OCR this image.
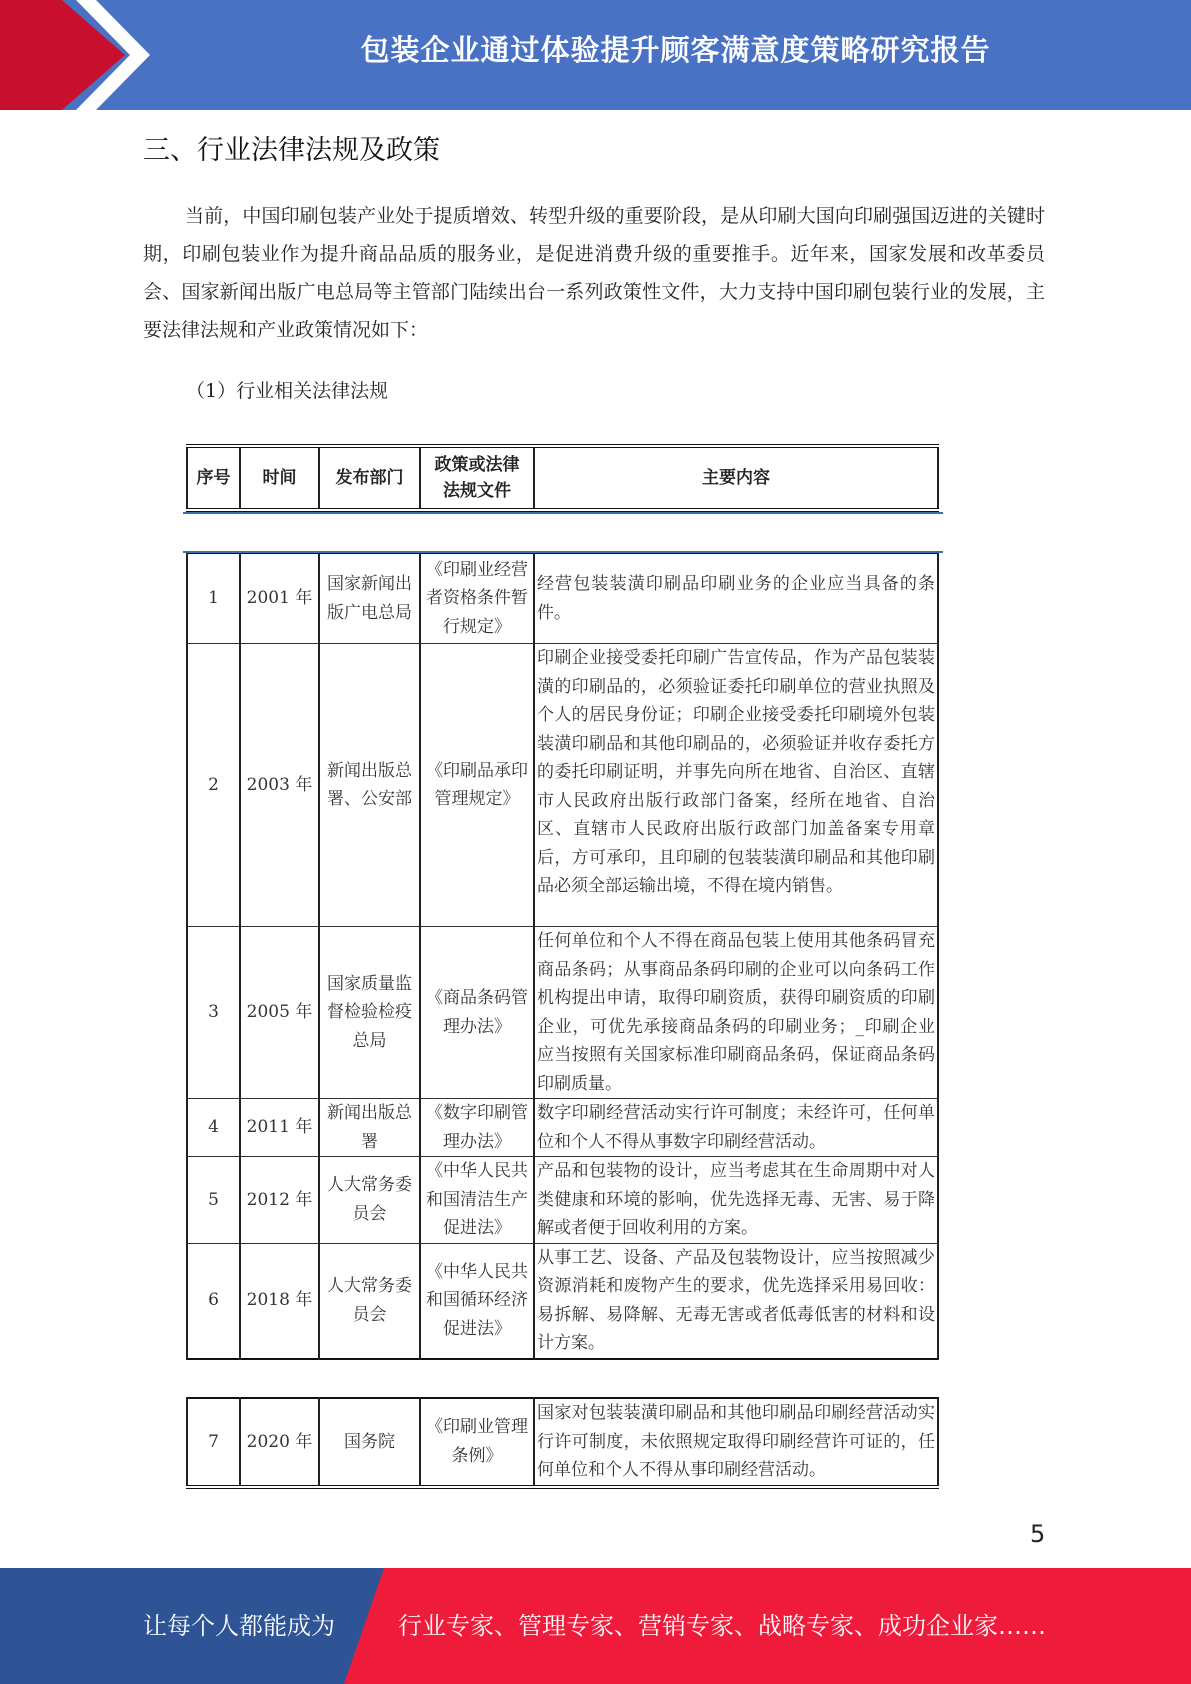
包装企业通过体验提升顾客满意度策略研究报告
三、行业法律法规及政策
当前，中国印刷包装产业处于提质增效、转型升级的重要阶段，是从印刷大国向印刷强国迈进的关键时期，印刷包装业作为提升商品品质的服务业，是促进消费升级的重要推手。近年来，国家发展和改革委员会、国家新闻出版广电总局等主管部门陆续出台一系列政策性文件，大力支持中国印刷包装行业的发展，主要法律法规和产业政策情况如下：
（1）行业相关法律法规
序号	时间	发布部门	政策或法律法规文件	主要内容
1	2001 年	国家新闻出版广电总局	《印刷业经营者资格条件暂行规定》	经营包装装潢印刷品印刷业务的企业应当具备的条件。
2	2003 年	新闻出版总署、公安部	《印刷品承印管理规定》	印刷企业接受委托印刷广告宣传品，作为产品包装装潢的印刷品的，必须验证委托印刷单位的营业执照及个人的居民身份证；印刷企业接受委托印刷境外包装装潢印刷品和其他印刷品的，必须验证并收存委托方的委托印刷证明，并事先向所在地省、自治区、直辖市人民政府出版行政部门备案，经所在地省、自治区、直辖市人民政府出版行政部门加盖备案专用章后，方可承印，且印刷的包装装潢印刷品和其他印刷品必须全部运输出境，不得在境内销售。
3	2005 年	国家质量监督检验检疫总局	《商品条码管理办法》	任何单位和个人不得在商品包装上使用其他条码冒充商品条码；从事商品条码印刷的企业可以向条码工作机构提出申请，取得印刷资质，获得印刷资质的印刷企业，可优先承接商品条码的印刷业务；_印刷企业应当按照有关国家标准印刷商品条码，保证商品条码印刷质量。
4	2011 年	新闻出版总署	《数字印刷管理办法》	数字印刷经营活动实行许可制度；未经许可，任何单位和个人不得从事数字印刷经营活动。
5	2012 年	人大常务委员会	《中华人民共和国清洁生产促进法》	产品和包装物的设计，应当考虑其在生命周期中对人类健康和环境的影响，优先选择无毒、无害、易于降解或者便于回收利用的方案。
6	2018 年	人大常务委员会	《中华人民共和国循环经济促进法》	从事工艺、设备、产品及包装物设计，应当按照减少资源消耗和废物产生的要求，优先选择采用易回收：易拆解、易降解、无毒无害或者低毒低害的材料和设计方案。
7	2020 年	国务院	《印刷业管理条例》	国家对包装装潢印刷品和其他印刷品印刷经营活动实行许可制度，未依照规定取得印刷经营许可证的，任何单位和个人不得从事印刷经营活动。
5
让每个人都能成为	行业专家、管理专家、营销专家、战略专家、成功企业家……
